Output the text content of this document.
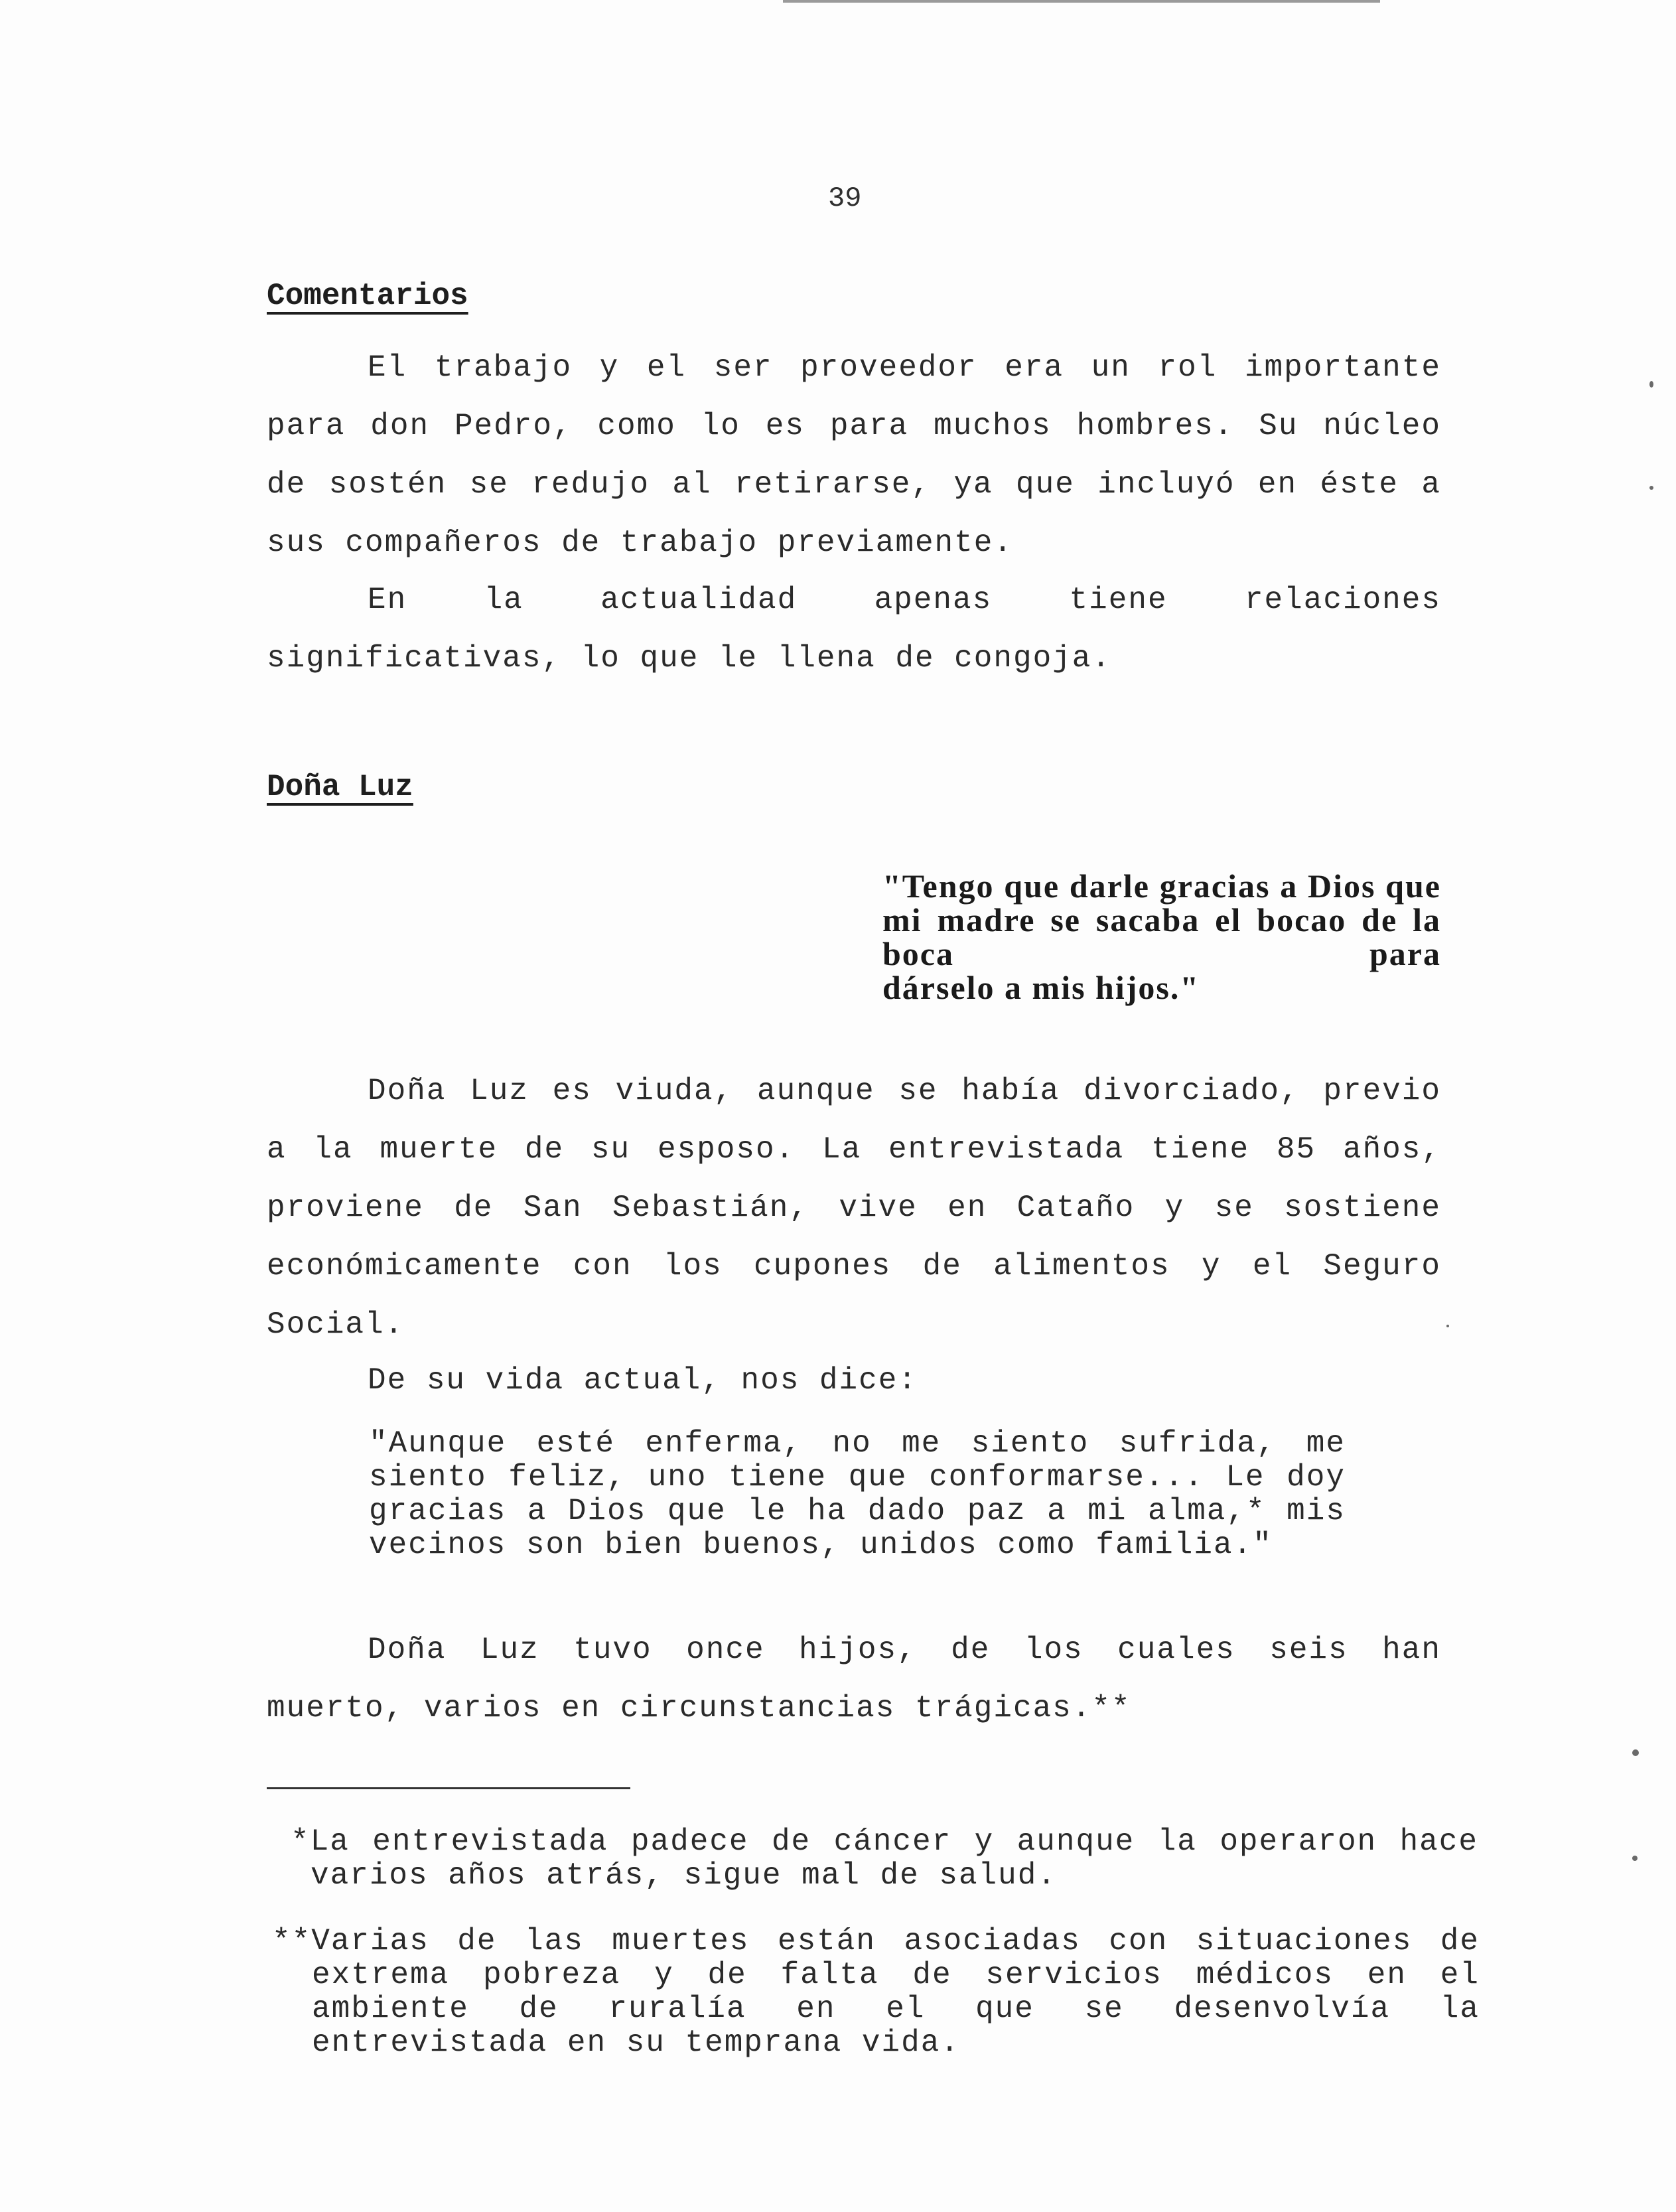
39
Comentarios

El trabajo y el ser proveedor era un rol importante para don Pedro, como lo es para muchos hombres. Su núcleo de sostén se redujo al retirarse, ya que incluyó en éste a sus compañeros de trabajo previamente.

En la actualidad apenas tiene relaciones significativas, lo que le llena de congoja.

Doña Luz

"Tengo que darle gracias a Dios que mi madre se sacaba el bocao de la boca para
dárselo a mis hijos."

Doña Luz es viuda, aunque se había divorciado, previo a la muerte de su esposo. La entrevistada tiene 85 años, proviene de San Sebastián, vive en Cataño y se sostiene económicamente con los cupones de alimentos y el Seguro Social.

De su vida actual, nos dice:

"Aunque esté enferma, no me siento sufrida, me siento feliz, uno tiene que conformarse... Le doy gracias a Dios que le ha dado paz a mi alma,* mis vecinos son bien buenos, unidos como familia."

Doña Luz tuvo once hijos, de los cuales seis han muerto, varios en circunstancias trágicas.**

*La entrevistada padece de cáncer y aunque la operaron hace varios años atrás, sigue mal de salud.

**Varias de las muertes están asociadas con situaciones de extrema pobreza y de falta de servicios médicos en el ambiente de ruralía en el que se desenvolvía la entrevistada en su temprana vida.
